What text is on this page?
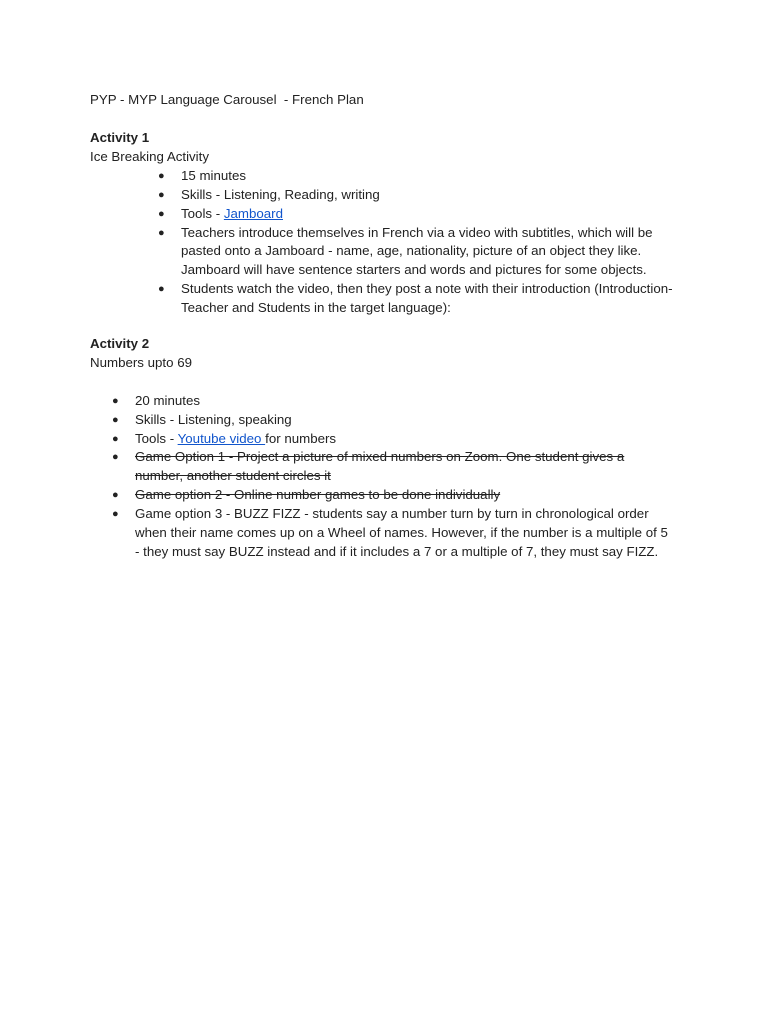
PYP - MYP Language Carousel  - French Plan
Activity 1
Ice Breaking Activity
● 15 minutes
● Skills - Listening, Reading, writing
● Tools - Jamboard
● Teachers introduce themselves in French via a video with subtitles, which will be pasted onto a Jamboard - name, age, nationality, picture of an object they like. Jamboard will have sentence starters and words and pictures for some objects.
● Students watch the video, then they post a note with their introduction (Introduction- Teacher and Students in the target language):
Activity 2
Numbers upto 69
● 20 minutes
● Skills - Listening, speaking
● Tools - Youtube video for numbers
● Game Option 1 - Project a picture of mixed numbers on Zoom. One student gives a number, another student circles it
● Game option 2 - Online number games to be done individually
● Game option 3 - BUZZ FIZZ - students say a number turn by turn in chronological order when their name comes up on a Wheel of names. However, if the number is a multiple of 5 - they must say BUZZ instead and if it includes a 7 or a multiple of 7, they must say FIZZ.
